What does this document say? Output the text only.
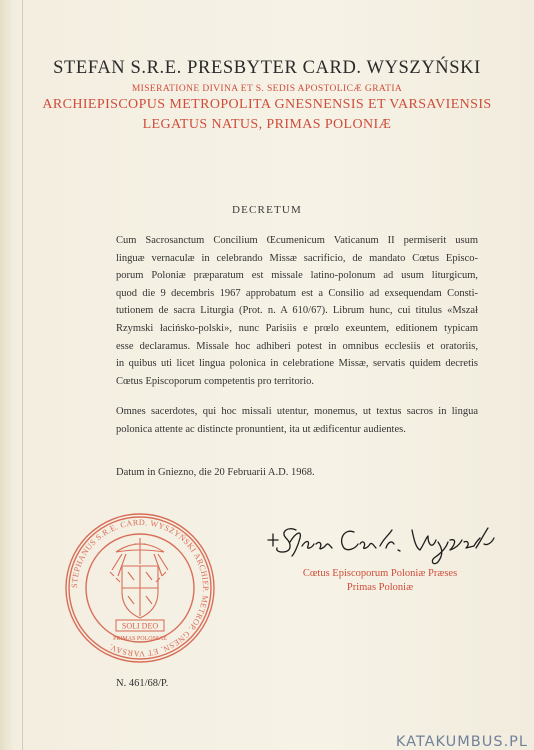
STEFAN S.R.E. PRESBYTER CARD. WYSZYŃSKI
MISERATIONE DIVINA ET S. SEDIS APOSTOLICÆ GRATIA
ARCHIEPISCOPUS METROPOLITA GNESNENSIS ET VARSAVIENSIS
LEGATUS NATUS, PRIMAS POLONIÆ
DECRETUM
Cum Sacrosanctum Concilium Œcumenicum Vaticanum II permiserit usum
linguæ vernaculæ in celebrando Missæ sacrificio, de mandato Cœtus Episco-
porum Poloniæ præparatum est missale latino-polonum ad usum liturgicum,
quod die 9 decembris 1967 approbatum est a Consilio ad exsequendam Consti-
tutionem de sacra Liturgia (Prot. n. A 610/67). Librum hunc, cui titulus «Mszał
Rzymski łacińsko-polski», nunc Parisiis e prœlo exeuntem, editionem typicam
esse declaramus. Missale hoc adhiberi potest in omnibus ecclesiis et oratoriis,
in quibus uti licet lingua polonica in celebratione Missæ, servatis quidem decretis
Cœtus Episcoporum competentis pro territorio.
Omnes sacerdotes, qui hoc missali utentur, monemus, ut textus sacros in lingua
polonica attente ac distincte pronuntient, ita ut ædificentur audientes.
Datum in Gniezno, die 20 Februarii A.D. 1968.
Cœtus Episcoporum Poloniæ Præses
Primas Poloniæ
STEPHANUS S.R.E. CARD. WYSZYŃSKI ARCHIEP. METROP. GNESN. ET VARSAV.
SOLI DEO
PRIMAS POLONIAE
N. 461/68/P.
KATAKUMBUS.PL
